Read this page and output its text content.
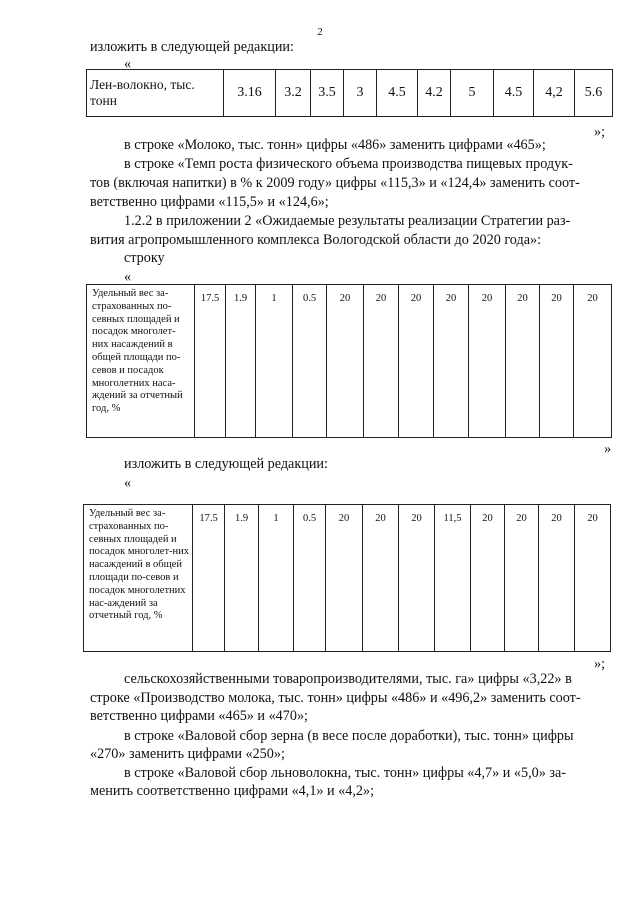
2
изложить в следующей редакции:
«
Лен-волокно, тыс. тонн	3.16	3.2	3.5	3	4.5	4.2	5	4.5	4,2	5.6
»;
в строке «Молоко, тыс. тонн» цифры «486» заменить цифрами «465»;
в строке «Темп роста физического объема производства пищевых продук-
тов (включая напитки) в % к 2009 году» цифры «115,3» и «124,4» заменить соот-
ветственно цифрами «115,5» и «124,6»;
1.2.2 в приложении 2 «Ожидаемые результаты реализации Стратегии раз-
вития агропромышленного комплекса Вологодской области до 2020 года»:
строку
«
Удельный вес за-страхованных по-севных площадей и посадок многолет-них насаждений в общей площади по-севов и посадок многолетних наса-ждений за отчетный год, %	17.5	1.9	1	0.5	20	20	20	20	20	20	20	20
»
изложить в следующей редакции:
«
Удельный вес за-страхованных по-севных площадей и посадок многолет-них насаждений в общей площади по-севов и посадок многолетних нас-аждений за отчетный год, %	17.5	1.9	1	0.5	20	20	20	11,5	20	20	20	20
»;
сельскохозяйственными товаропроизводителями, тыс. га» цифры «3,22» в
строке «Производство молока, тыс. тонн» цифры «486» и «496,2» заменить соот-
ветственно цифрами «465» и «470»;
в строке «Валовой сбор зерна (в весе после доработки), тыс. тонн» цифры
«270» заменить цифрами «250»;
в строке «Валовой сбор льноволокна, тыс. тонн» цифры «4,7» и «5,0» за-
менить соответственно цифрами «4,1» и «4,2»;
